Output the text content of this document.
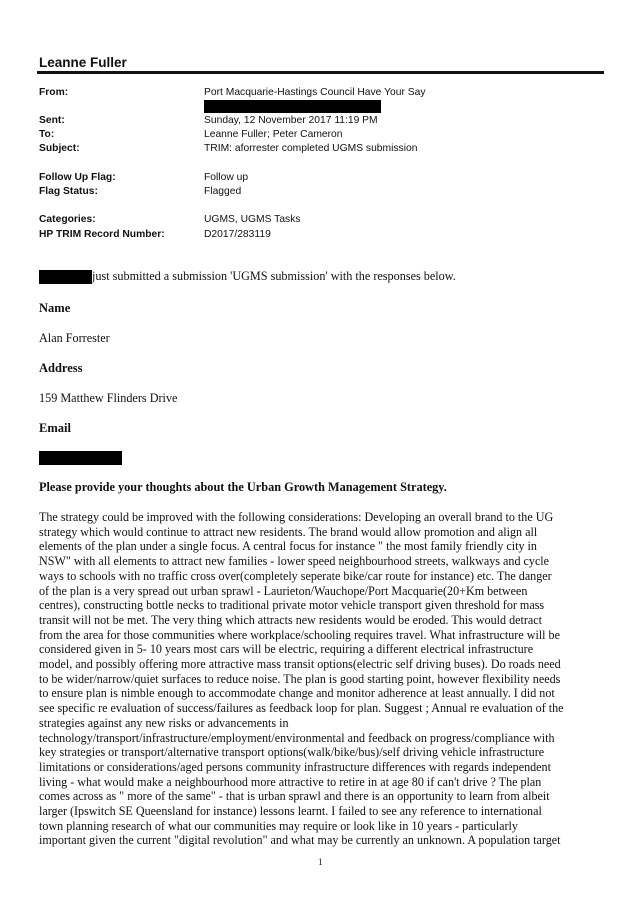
Leanne Fuller
From:	Port Macquarie-Hastings Council Have Your Say
Sent:	Sunday, 12 November 2017 11:19 PM
To:	Leanne Fuller; Peter Cameron
Subject:	TRIM: aforrester completed UGMS submission
Follow Up Flag:	Follow up
Flag Status:	Flagged
Categories:	UGMS, UGMS Tasks
HP TRIM Record Number:	D2017/283119
just submitted a submission 'UGMS submission' with the responses below.
Name
Alan Forrester
Address
159 Matthew Flinders Drive
Email
Please provide your thoughts about the Urban Growth Management Strategy.
The strategy could be improved with the following considerations: Developing an overall brand to the UG
strategy which would continue to attract new residents. The brand would allow promotion and align all
elements of the plan under a single focus. A central focus for instance " the most family friendly city in
NSW" with all elements to attract new families - lower speed neighbourhood streets, walkways and cycle
ways to schools with no traffic cross over(completely seperate bike/car route for instance) etc. The danger
of the plan is a very spread out urban sprawl - Laurieton/Wauchope/Port Macquarie(20+Km between
centres), constructing bottle necks to traditional private motor vehicle transport given threshold for mass
transit will not be met. The very thing which attracts new residents would be eroded. This would detract
from the area for those communities where workplace/schooling requires travel. What infrastructure will be
considered given in 5- 10 years most cars will be electric, requiring a different electrical infrastructure
model, and possibly offering more attractive mass transit options(electric self driving buses). Do roads need
to be wider/narrow/quiet surfaces to reduce noise. The plan is good starting point, however flexibility needs
to ensure plan is nimble enough to accommodate change and monitor adherence at least annually. I did not
see specific re evaluation of success/failures as feedback loop for plan. Suggest ; Annual re evaluation of the
strategies against any new risks or advancements in
technology/transport/infrastructure/employment/environmental and feedback on progress/compliance with
key strategies or transport/alternative transport options(walk/bike/bus)/self driving vehicle infrastructure
limitations or considerations/aged persons community infrastructure differences with regards independent
living - what would make a neighbourhood more attractive to retire in at age 80 if can't drive ? The plan
comes across as " more of the same" - that is urban sprawl and there is an opportunity to learn from albeit
larger (Ipswitch SE Queensland for instance) lessons learnt. I failed to see any reference to international
town planning research of what our communities may require or look like in 10 years - particularly
important given the current "digital revolution" and what may be currently an unknown. A population target
1
